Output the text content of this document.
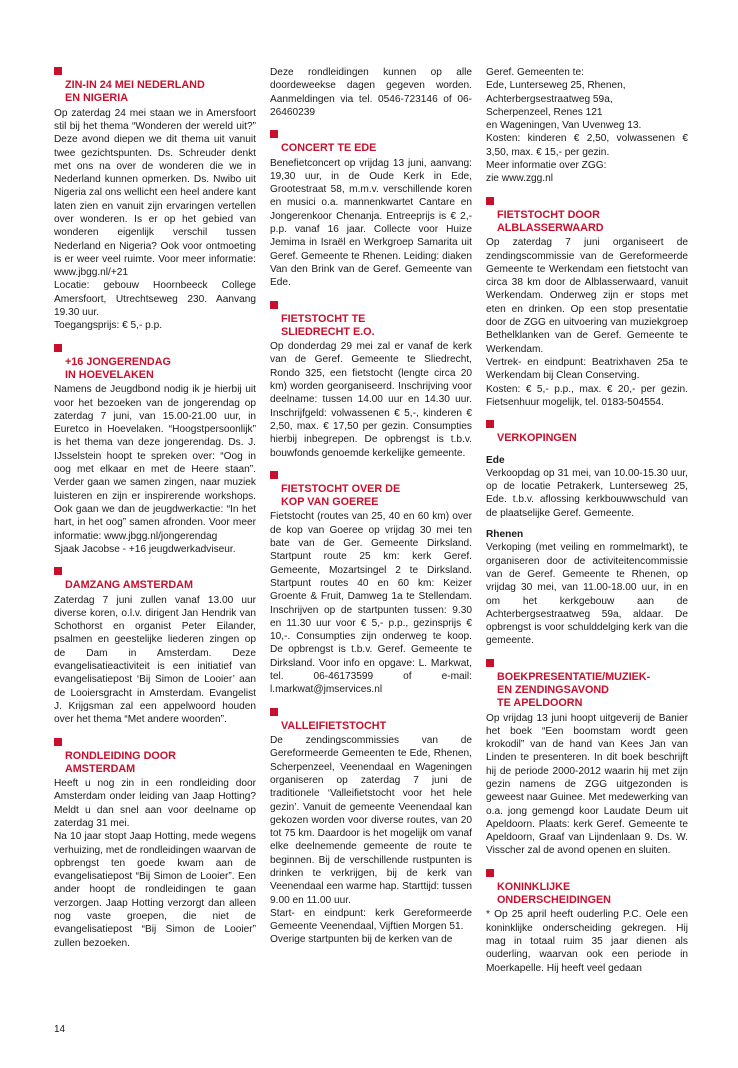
ZIN-IN 24 MEI NEDERLAND
EN NIGERIA
Op zaterdag 24 mei staan we in Amersfoort stil bij het thema “Wonderen der wereld uit?” Deze avond diepen we dit thema uit vanuit twee gezichtspunten. Ds. Schreuder denkt met ons na over de wonderen die we in Nederland kunnen opmerken. Ds. Nwibo uit Nigeria zal ons wellicht een heel andere kant laten zien en vanuit zijn ervaringen vertellen over wonderen. Is er op het gebied van wonderen eigenlijk verschil tussen Nederland en Nigeria? Ook voor ontmoeting is er weer veel ruimte. Voor meer informatie: www.jbgg.nl/+21
Locatie: gebouw Hoornbeeck College Amersfoort, Utrechtseweg 230. Aanvang 19.30 uur.
Toegangsprijs: € 5,- p.p.
+16 JONGERENDAG
IN HOEVELAKEN
Namens de Jeugdbond nodig ik je hierbij uit voor het bezoeken van de jongerendag op zaterdag 7 juni, van 15.00-21.00 uur, in Euretco in Hoevelaken. “Hoogstpersoonlijk” is het thema van deze jongerendag. Ds. J. IJsselstein hoopt te spreken over: “Oog in oog met elkaar en met de Heere staan”. Verder gaan we samen zingen, naar muziek luisteren en zijn er inspirerende workshops. Ook gaan we dan de jeugdwerkactie: “In het hart, in het oog” samen afronden. Voor meer informatie: www.jbgg.nl/jongerendag
Sjaak Jacobse - +16 jeugdwerkadviseur.
DAMZANG AMSTERDAM
Zaterdag 7 juni zullen vanaf 13.00 uur diverse koren, o.l.v. dirigent Jan Hendrik van Schothorst en organist Peter Eilander, psalmen en geestelijke liederen zingen op de Dam in Amsterdam. Deze evangelisatieactiviteit is een initiatief van evangelisatiepost ‘Bij Simon de Looier’ aan de Looiersgracht in Amsterdam. Evangelist J. Krijgsman zal een appelwoord houden over het thema “Met andere woorden”.
RONDLEIDING DOOR
AMSTERDAM
Heeft u nog zin in een rondleiding door Amsterdam onder leiding van Jaap Hotting? Meldt u dan snel aan voor deelname op zaterdag 31 mei.
Na 10 jaar stopt Jaap Hotting, mede wegens verhuizing, met de rondleidingen waarvan de opbrengst ten goede kwam aan de evangelisatiepost “Bij Simon de Looier”. Een ander hoopt de rondleidingen te gaan verzorgen. Jaap Hotting verzorgt dan alleen nog vaste groepen, die niet de evangelisatiepost “Bij Simon de Looier” zullen bezoeken.
Deze rondleidingen kunnen op alle doordeweekse dagen gegeven worden. Aanmeldingen via tel. 0546-723146 of 06-26460239
CONCERT TE EDE
Benefietconcert op vrijdag 13 juni, aanvang: 19,30 uur, in de Oude Kerk in Ede, Grootestraat 58, m.m.v. verschillende koren en musici o.a. mannenkwartet Cantare en Jongerenkoor Chenanja. Entreeprijs is € 2,- p.p. vanaf 16 jaar. Collecte voor Huize Jemima in Israël en Werkgroep Samarita uit Geref. Gemeente te Rhenen. Leiding: diaken Van den Brink van de Geref. Gemeente van Ede.
FIETSTOCHT TE
SLIEDRECHT E.O.
Op donderdag 29 mei zal er vanaf de kerk van de Geref. Gemeente te Sliedrecht, Rondo 325, een fietstocht (lengte circa 20 km) worden georganiseerd. Inschrijving voor deelname: tussen 14.00 uur en 14.30 uur. Inschrijfgeld: volwassenen € 5,-, kinderen € 2,50, max. € 17,50 per gezin. Consumpties hierbij inbegrepen. De opbrengst is t.b.v. bouwfonds genoemde kerkelijke gemeente.
FIETSTOCHT OVER DE
KOP VAN GOEREE
Fietstocht (routes van 25, 40 en 60 km) over de kop van Goeree op vrijdag 30 mei ten bate van de Ger. Gemeente Dirksland. Startpunt route 25 km: kerk Geref. Gemeente, Mozartsingel 2 te Dirksland. Startpunt routes 40 en 60 km: Keizer Groente & Fruit, Damweg 1a te Stellendam. Inschrijven op de startpunten tussen: 9.30 en 11.30 uur voor € 5,- p.p., gezinsprijs € 10,-. Consumpties zijn onderweg te koop. De opbrengst is t.b.v. Geref. Gemeente te Dirksland. Voor info en opgave: L. Markwat, tel. 06-46173599 of e-mail: l.markwat@jmservices.nl
VALLEIFIETSTOCHT
De zendingscommissies van de Gereformeerde Gemeenten te Ede, Rhenen, Scherpenzeel, Veenendaal en Wageningen organiseren op zaterdag 7 juni de traditionele ‘Valleifietstocht voor het hele gezin’. Vanuit de gemeente Veenendaal kan gekozen worden voor diverse routes, van 20 tot 75 km. Daardoor is het mogelijk om vanaf elke deelnemende gemeente de route te beginnen. Bij de verschillende rustpunten is drinken te verkrijgen, bij de kerk van Veenendaal een warme hap. Starttijd: tussen 9.00 en 11.00 uur.
Start- en eindpunt: kerk Gereformeerde Gemeente Veenendaal, Vijftien Morgen 51.
Overige startpunten bij de kerken van de
Geref. Gemeenten te:
Ede, Lunterseweg 25, Rhenen,
Achterbergsestraatweg 59a,
Scherpenzeel, Renes 121
en Wageningen, Van Uvenweg 13.
Kosten: kinderen € 2,50, volwassenen € 3,50, max. € 15,- per gezin.
Meer informatie over ZGG:
zie www.zgg.nl
FIETSTOCHT DOOR
ALBLASSERWAARD
Op zaterdag 7 juni organiseert de zendingscommissie van de Gereformeerde Gemeente te Werkendam een fietstocht van circa 38 km door de Alblasserwaard, vanuit Werkendam. Onderweg zijn er stops met eten en drinken. Op een stop presentatie door de ZGG en uitvoering van muziekgroep Bethelklanken van de Geref. Gemeente te Werkendam.
Vertrek- en eindpunt: Beatrixhaven 25a te Werkendam bij Clean Conserving.
Kosten: € 5,- p.p., max. € 20,- per gezin. Fietsenhuur mogelijk, tel. 0183-504554.
VERKOPINGEN
Ede
Verkoopdag op 31 mei, van 10.00-15.30 uur, op de locatie Petrakerk, Lunterseweg 25, Ede. t.b.v. aflossing kerkbouwwschuld van de plaatselijke Geref. Gemeente.
Rhenen
Verkoping (met veiling en rommelmarkt), te organiseren door de activiteitencommissie van de Geref. Gemeente te Rhenen, op vrijdag 30 mei, van 11.00-18.00 uur, in en om het kerkgebouw aan de Achterbergsestraatweg 59a, aldaar. De opbrengst is voor schulddelging kerk van die gemeente.
BOEKPRESENTATIE/MUZIEK-
EN ZENDINGSAVOND
TE APELDOORN
Op vrijdag 13 juni hoopt uitgeverij de Banier het boek “Een boomstam wordt geen krokodil” van de hand van Kees Jan van Linden te presenteren. In dit boek beschrijft hij de periode 2000-2012 waarin hij met zijn gezin namens de ZGG uitgezonden is geweest naar Guinee. Met medewerking van o.a. jong gemengd koor Laudate Deum uit Apeldoorn. Plaats: kerk Geref. Gemeente te Apeldoorn, Graaf van Lijndenlaan 9. Ds. W. Visscher zal de avond openen en sluiten.
KONINKLIJKE
ONDERSCHEIDINGEN
* Op 25 april heeft ouderling P.C. Oele een koninklijke onderscheiding gekregen. Hij mag in totaal ruim 35 jaar dienen als ouderling, waarvan ook een periode in Moerkapelle. Hij heeft veel gedaan
14
